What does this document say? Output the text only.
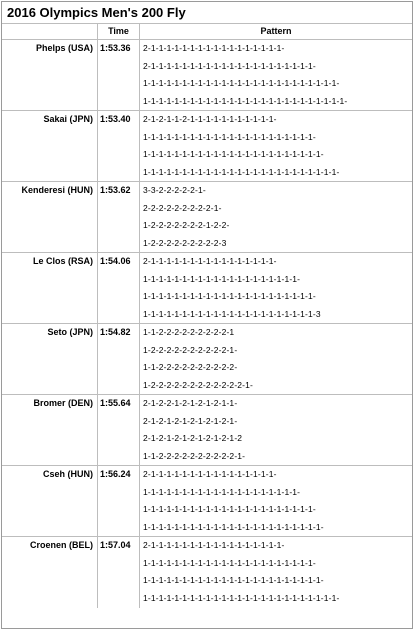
2016 Olympics Men's 200 Fly
Time	Pattern
Phelps (USA) 1:53.36	2-1-1-1-1-1-1-1-1-1-1-1-1-1-1-1-1-1-
2-1-1-1-1-1-1-1-1-1-1-1-1-1-1-1-1-1-1-1-1-1-
1-1-1-1-1-1-1-1-1-1-1-1-1-1-1-1-1-1-1-1-1-1-1-1-1-
1-1-1-1-1-1-1-1-1-1-1-1-1-1-1-1-1-1-1-1-1-1-1-1-1-1-
Sakai (JPN) 1:53.40	2-1-2-1-1-2-1-1-1-1-1-1-1-1-1-1-1-
1-1-1-1-1-1-1-1-1-1-1-1-1-1-1-1-1-1-1-1-1-1-
1-1-1-1-1-1-1-1-1-1-1-1-1-1-1-1-1-1-1-1-1-1-1-
1-1-1-1-1-1-1-1-1-1-1-1-1-1-1-1-1-1-1-1-1-1-1-1-1-
Kenderesi (HUN) 1:53.62	3-3-2-2-2-2-2-1-
2-2-2-2-2-2-2-2-2-1-
1-2-2-2-2-2-2-2-1-2-2-
1-2-2-2-2-2-2-2-2-2-3
Le Clos (RSA) 1:54.06	2-1-1-1-1-1-1-1-1-1-1-1-1-1-1-1-1-
1-1-1-1-1-1-1-1-1-1-1-1-1-1-1-1-1-1-1-1-
1-1-1-1-1-1-1-1-1-1-1-1-1-1-1-1-1-1-1-1-1-1-
1-1-1-1-1-1-1-1-1-1-1-1-1-1-1-1-1-1-1-1-1-1-3
Seto (JPN) 1:54.82	1-1-2-2-2-2-2-2-2-2-2-1
1-2-2-2-2-2-2-2-2-2-2-1-
1-1-2-2-2-2-2-2-2-2-2-2-
1-2-2-2-2-2-2-2-2-2-2-2-2-1-
Bromer (DEN) 1:55.64	2-1-2-2-1-2-1-2-1-2-1-1-
2-1-2-1-2-1-2-1-2-1-2-1-
2-1-2-1-2-1-2-1-2-1-2-1-2
1-1-2-2-2-2-2-2-2-2-2-2-1-
Cseh (HUN) 1:56.24	2-1-1-1-1-1-1-1-1-1-1-1-1-1-1-1-1-
1-1-1-1-1-1-1-1-1-1-1-1-1-1-1-1-1-1-1-1-
1-1-1-1-1-1-1-1-1-1-1-1-1-1-1-1-1-1-1-1-1-1-
1-1-1-1-1-1-1-1-1-1-1-1-1-1-1-1-1-1-1-1-1-1-1-
Croenen (BEL) 1:57.04	2-1-1-1-1-1-1-1-1-1-1-1-1-1-1-1-1-1-
1-1-1-1-1-1-1-1-1-1-1-1-1-1-1-1-1-1-1-1-1-1-
1-1-1-1-1-1-1-1-1-1-1-1-1-1-1-1-1-1-1-1-1-1-1-
1-1-1-1-1-1-1-1-1-1-1-1-1-1-1-1-1-1-1-1-1-1-1-1-1-
